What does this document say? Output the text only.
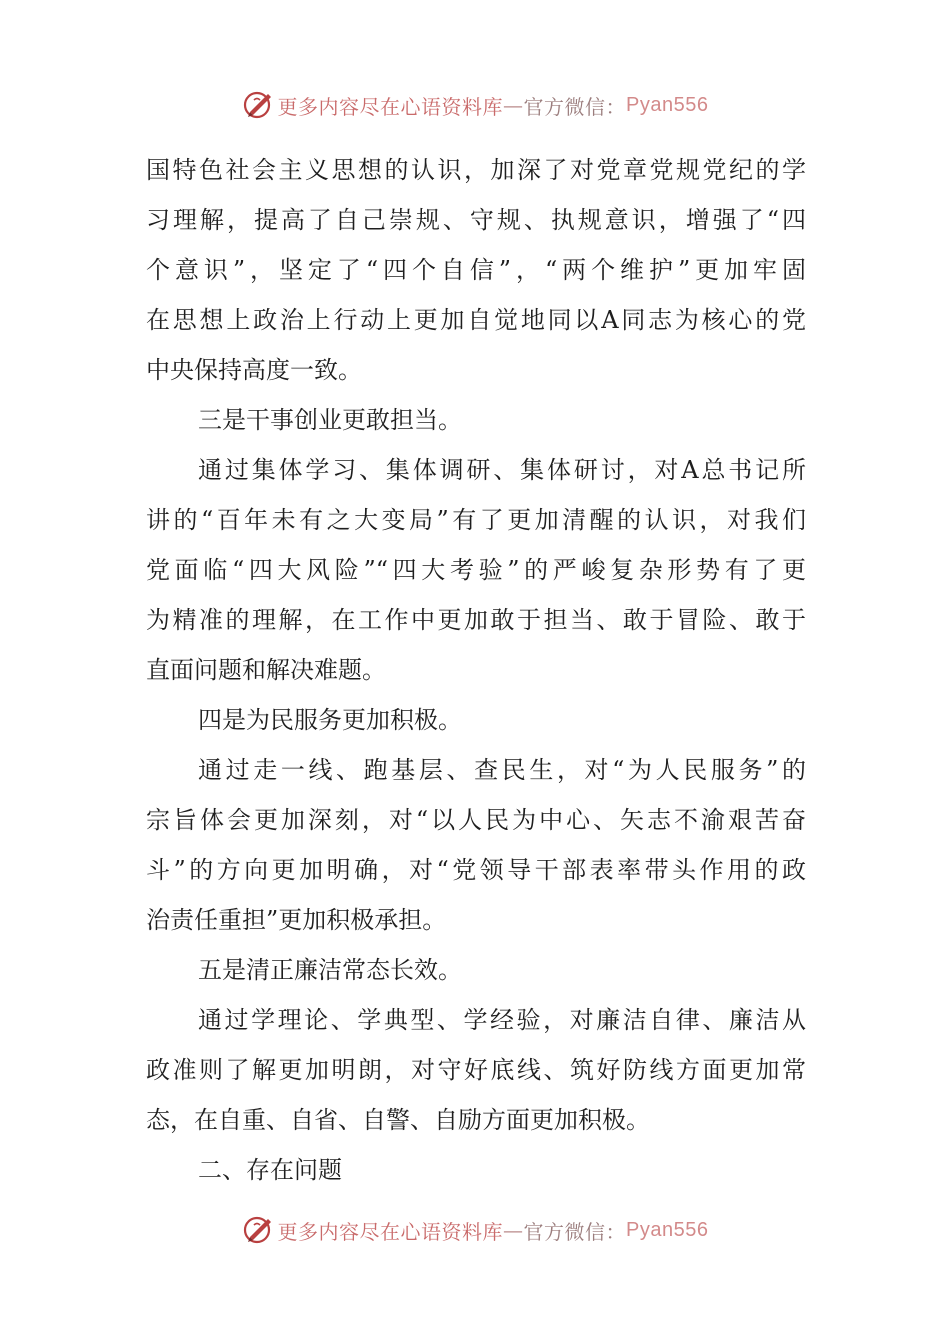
更多内容尽在心语资料库 — 官方微信： Pyan556
国特色社会主义思想的认识，加深了对党章党规党纪的学
习理解，提高了自己崇规、守规、执规意识，增强了“四
个意识”，坚定了“四个自信”，“两个维护”更加牢固
在思想上政治上行动上更加自觉地同以A同志为核心的党
中央保持高度一致。
三是干事创业更敢担当。
通过集体学习、集体调研、集体研讨，对A总书记所
讲的“百年未有之大变局”有了更加清醒的认识，对我们
党面临“四大风险”“四大考验”的严峻复杂形势有了更
为精准的理解，在工作中更加敢于担当、敢于冒险、敢于
直面问题和解决难题。
四是为民服务更加积极。
通过走一线、跑基层、查民生，对“为人民服务”的
宗旨体会更加深刻，对“以人民为中心、矢志不渝艰苦奋
斗”的方向更加明确，对“党领导干部表率带头作用的政
治责任重担”更加积极承担。
五是清正廉洁常态长效。
通过学理论、学典型、学经验，对廉洁自律、廉洁从
政准则了解更加明朗，对守好底线、筑好防线方面更加常
态，在自重、自省、自警、自励方面更加积极。
二、存在问题
更多内容尽在心语资料库 — 官方微信： Pyan556
